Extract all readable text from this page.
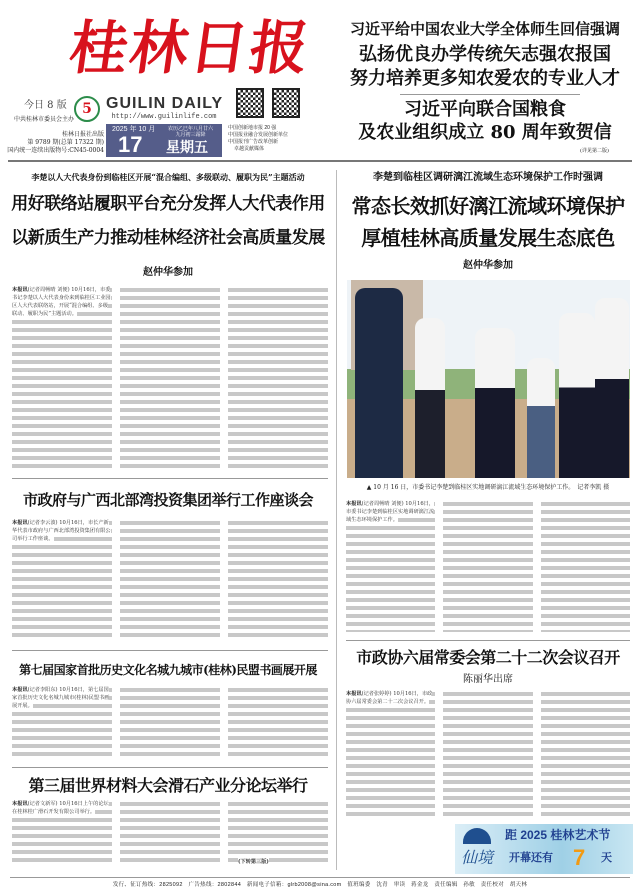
桂林日报
今日 8 版	5
中共桂林市委员会主办
桂林日报社出版
第 9789 期(总第 17322 期)
国内统一连续出版物号:CN45-0004
GUILIN DAILY
http://www.guilinlife.com
2025 年 10 月	农历乙巳年八月廿六
九月初三霜降
17 星期五
中国创新地市报 20 强
中国报业融合发展创新单位
中国报刊广告改革创新
卓越贡献媒体
习近平给中国农业大学全体师生回信强调
弘扬优良办学传统矢志强农报国
努力培养更多知农爱农的专业人才
习近平向联合国粮食
及农业组织成立 80 周年致贺信
(详见第二版)
李楚以人大代表身份到临桂区开展“混合编组、多级联动、履职为民”主题活动
用好联络站履职平台充分发挥人大代表作用
以新质生产力推动桂林经济社会高质量发展
赵仲华参加
本报讯(记者周畅晴 刘便) 10月16日，市委书记李楚以人大代表身份来到临桂区工业园区人大代表联络站，开展“混合编组、多级联动、履职为民”主题活动。
市政府与广西北部湾投资集团举行工作座谈会
本报讯(记者李云波) 10月16日，市长产新华代表市政府与广西北部湾投资集团有限公司举行工作座谈。
第七届国家首批历史文化名城九城市(桂林)民盟书画展开展
本报讯(记者李阳东) 10月16日，第七届国家首批历史文化名城九城市(桂林)民盟书画展开展。
第三届世界材料大会滑石产业分论坛举行
本报讯(记者文新军) 10月16日上午的论坛在桂林桂广滑石开发有限公司举行。
(下转第三版)
李楚到临桂区调研漓江流域生态环境保护工作时强调
常态长效抓好漓江流域环境保护
厚植桂林高质量发展生态底色
赵仲华参加
▲ 10 月 16 日，市委书记李楚到临桂区实地调研漓江流域生态环境保护工作。　记者李凯 摄
本报讯(记者周畅晴 刘便) 10月16日，市委书记李楚到临桂区实地调研漓江流域生态环境保护工作。
市政协六届常委会第二十二次会议召开
陈丽华出席
本报讯(记者张婷婷) 10月16日，市政协六届常委会第二十二次会议召开。
仙境
距 2025 桂林艺术节
开幕还有 7 天
发行、征订热线：2825092　广告热线：2802844　新闻电子信箱：glrb2008@sina.com　值班编委　沈青　审读　蒋金龙　责任编辑　孙敏　责任校对　胡天林
